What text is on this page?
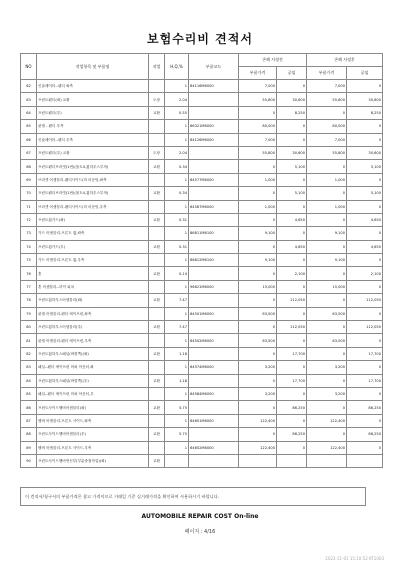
보험수리비 견적서
NO	작업항목 및 부품명	작업	H,Q,%	부품코드	손해 사정전		손해 사정후	
					부품가격	공임	부품가격	공임
62	인슐레이터--펜더 좌측		1	84116M6000	7,000	0	7,000	0
63	프런트펜더(좌) 교환	도장	2.04		55,800	30,600	55,800	30,600
64	프런트펜더(우)	교환	0.55		0	8,250	0	8,250
65	판넬 - 펜더 우측		1	66321M6000	80,000	0	80,000	0
66	인슐레이터--펜더 우측		1	84126M6000	7,000	0	7,000	0
67	프런트펜더(우) 교환	도장	2.04		55,800	30,600	55,800	30,600
68	프런트펜더브라켓(1번)(볼트4,휠하우스부착)	교환	0.34		0	5,100	0	5,100
69	브라켓 어셈블리-펜더사이드(하 마운팅,좌측		1	64577M6000	1,000	0	1,000	0
70	프런트펜더브라켓(1번)(볼트4,휠하우스부착)	교환	0.34		0	5,100	0	5,100
71	브라켓 어셈블리-펜더사이드(하 마운팅,우측		1	64587M6000	1,000	0	1,000	0
72	프런트휠가드(좌)	교환	0.31		0	4,650	0	4,650
73	가드 어셈블리-프론트 휠,좌측		1	86811M6100	9,100	0	9,100	0
74	프런트휠가드(우)	교환	0.31		0	4,650	0	4,650
75	가드 어셈블리-프론트 휠,우측		1	86812M6100	9,100	0	9,100	0
76	혼	교환	0.14		0	2,100	0	2,100
77	혼 어셈블리--하이 피치		1	96621M6000	15,000	0	15,000	0
78	프런트휠하우스어셈블리(좌)	교환	7.47		0	112,050	0	112,050
79	판넬 어셈블리-펜더 에이프런,좌측		1	64501M6000	63,500	0	63,500	0
80	프런트휠하우스어셈블리(우)	교환	7.47		0	112,050	0	112,050
81	판넬 어셈블리-펜더 에이프런,우측		1	64502M6000	63,500	0	63,500	0
82	프런트휠하우스패널(바깥쪽)(좌)	교환	1.18		0	17,700	0	17,700
83	패널--펜더 에이프런 어퍼 아웃터,좌		1	64574M6000	3,200	0	3,200	0
84	프런트휠하우스패널(바깥쪽)(우)	교환	1.18		0	17,700	0	17,700
85	패널--펜더 에이프런 어퍼 아웃터,우		1	64584M6000	3,200	0	3,200	0
86	프런트사이드멤버어셈블리(좌)	교환	5.75		0	86,250	0	86,250
87	멤버 어셈블리-프론트 사이드,좌측		1	64601M6000	122,400	0	122,400	0
88	프런트사이드멤버어셈블리(우)	교환	5.75		0	86,250	0	86,250
89	멤버 어셈블리-프론트 사이드,우측		1	64602M6000	122,400	0	122,400	0
90	프런트사이드멤버연신부(부분중첩작업)(좌)	교환						
이 견적서/청구서의 부품가격은 참고 가격이므로 거래일 기준 실거래가격을 확인하여 사용하시기 바랍니다.
AUTOMOBILE REPAIR COST On-line
페이지 : 4/16
2023-11-01 15:10:52 KT1003
